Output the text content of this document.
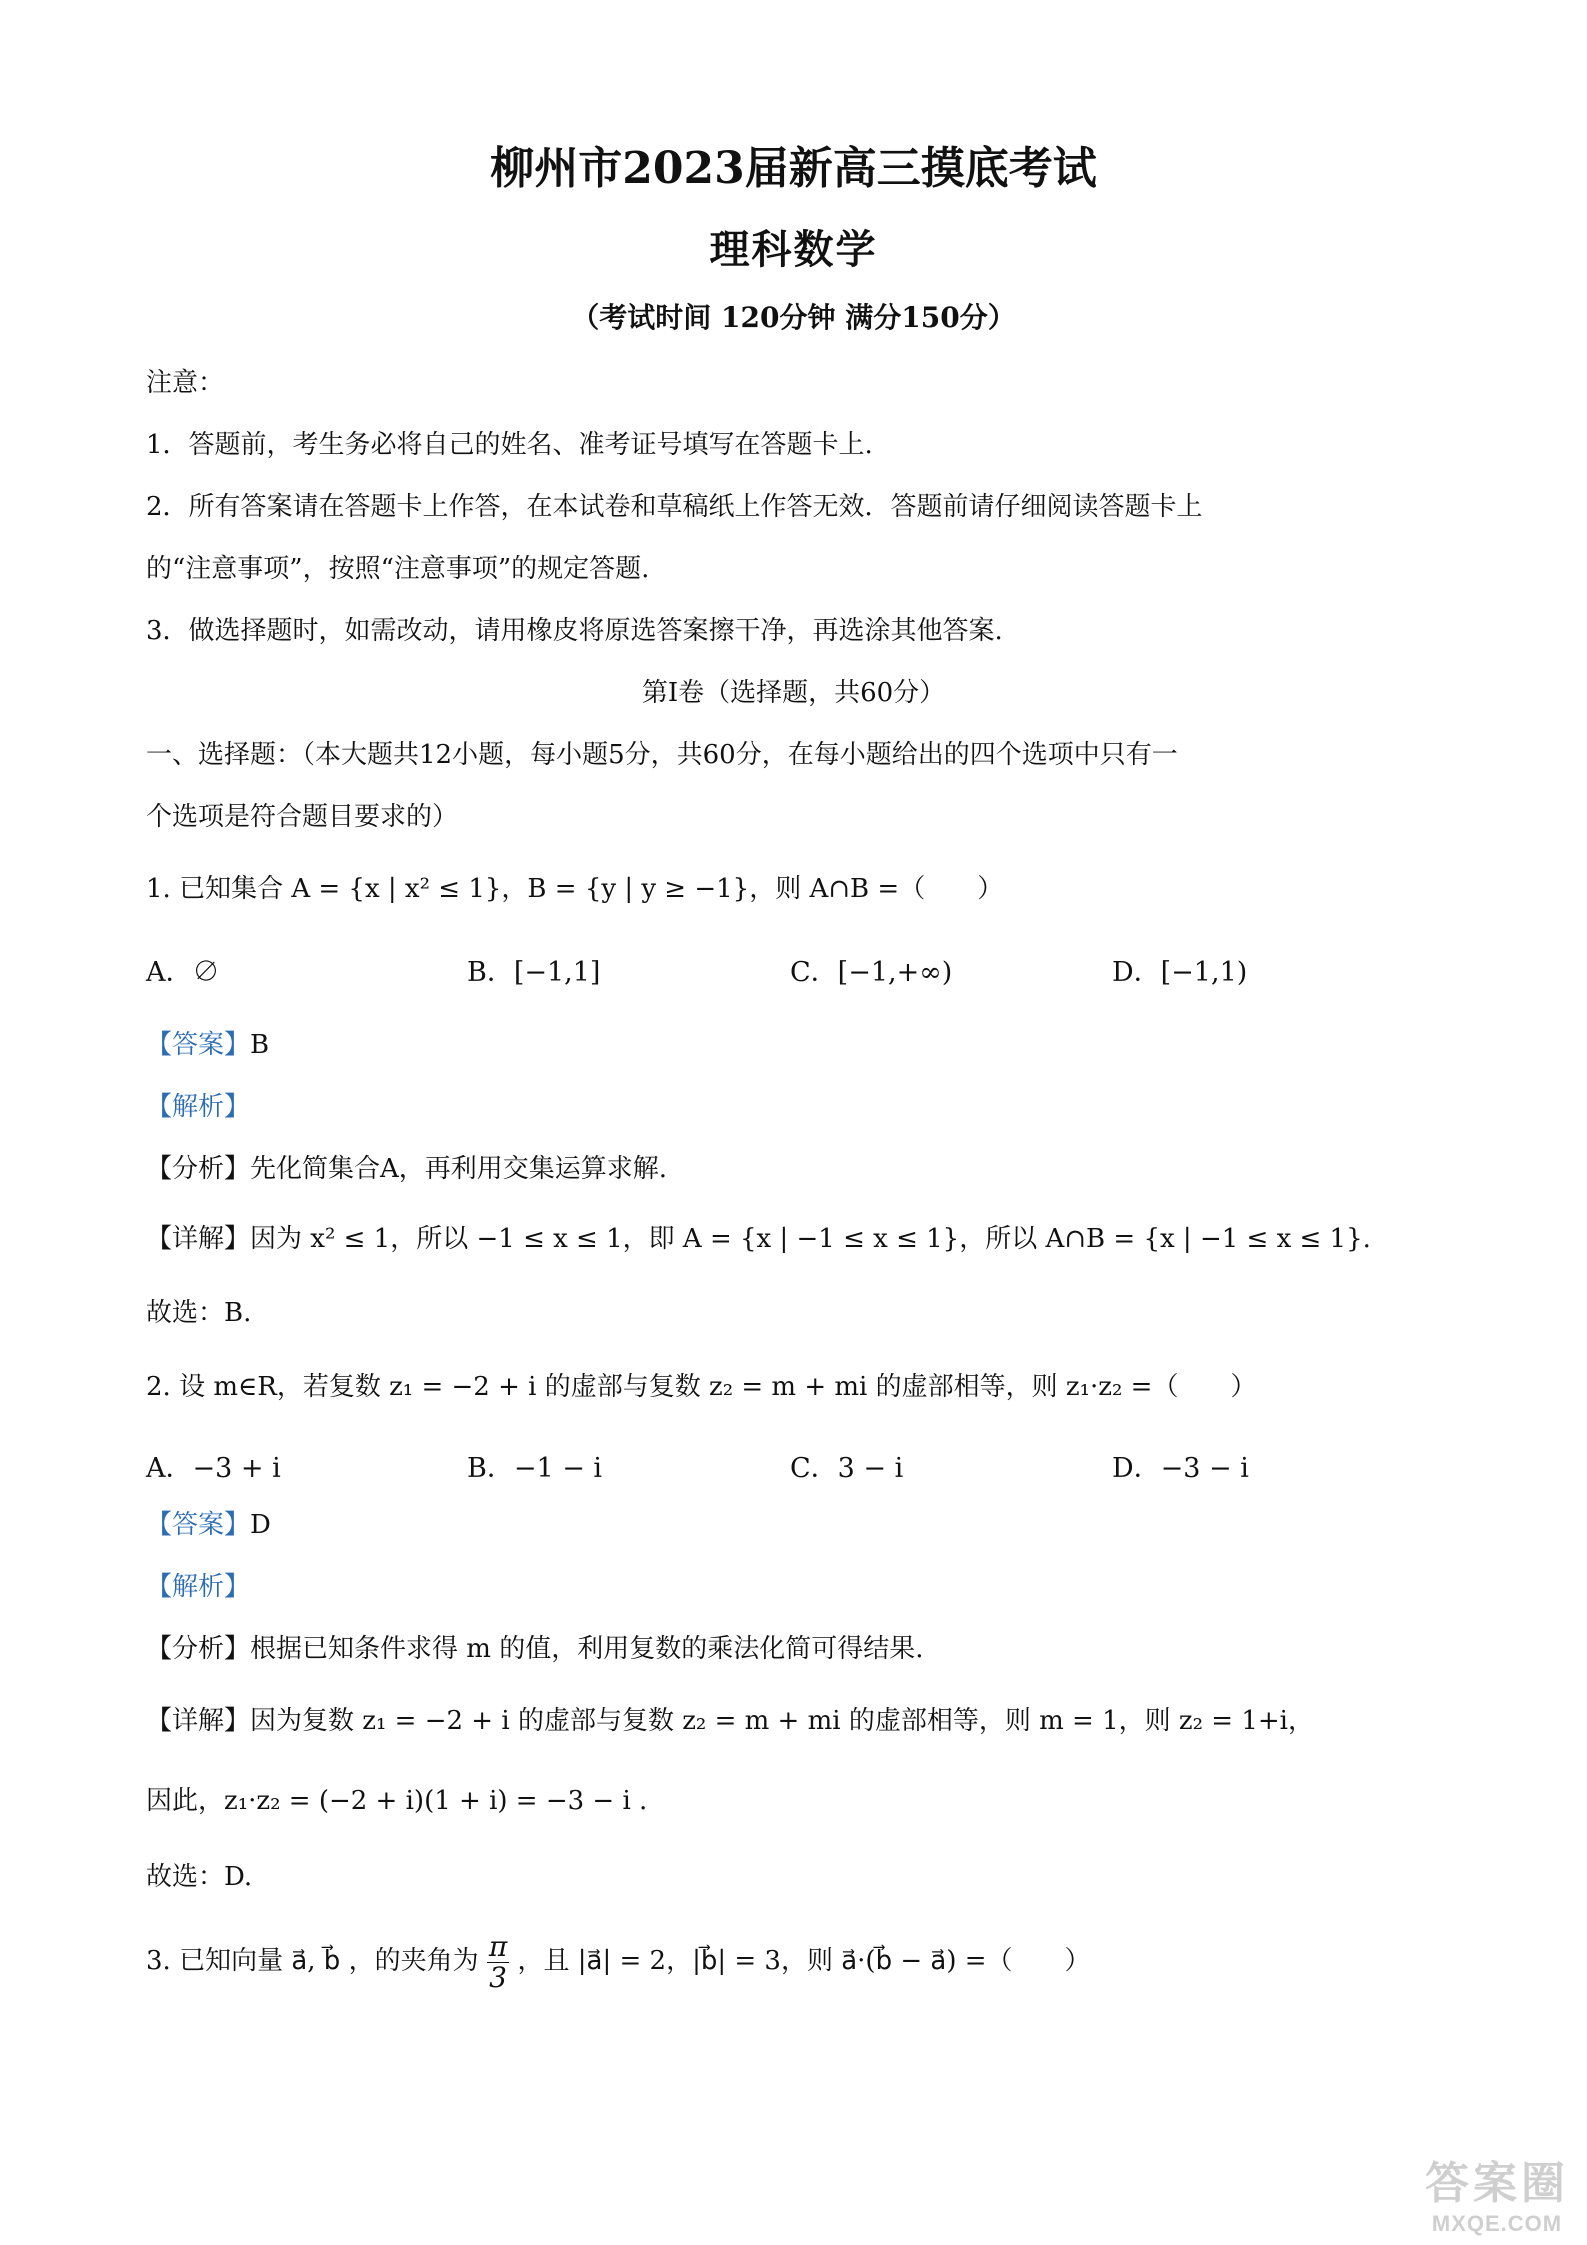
柳州市2023届新高三摸底考试
理科数学
（考试时间 120分钟 满分150分）
注意：
1．答题前，考生务必将自己的姓名、准考证号填写在答题卡上.
2．所有答案请在答题卡上作答，在本试卷和草稿纸上作答无效．答题前请仔细阅读答题卡上
的“注意事项”，按照“注意事项”的规定答题.
3．做选择题时，如需改动，请用橡皮将原选答案擦干净，再选涂其他答案.
第I卷（选择题，共60分）
一、选择题：（本大题共12小题，每小题5分，共60分，在每小题给出的四个选项中只有一
个选项是符合题目要求的）
1. 已知集合 A = {x | x² ≤ 1}，B = {y | y ≥ −1}，则 A∩B =（　　）
A．∅	B．[−1,1]	C．[−1,+∞)	D．[−1,1)
【答案】B
【解析】
【分析】先化简集合A，再利用交集运算求解.
【详解】因为 x² ≤ 1，所以 −1 ≤ x ≤ 1，即 A = {x | −1 ≤ x ≤ 1}，所以 A∩B = {x | −1 ≤ x ≤ 1}.
故选：B.
2. 设 m∈R，若复数 z₁ = −2 + i 的虚部与复数 z₂ = m + mi 的虚部相等，则 z₁·z₂ =（　　）
A．−3 + i	B．−1 − i	C．3 − i	D．−3 − i
【答案】D
【解析】
【分析】根据已知条件求得 m 的值，利用复数的乘法化简可得结果.
【详解】因为复数 z₁ = −2 + i 的虚部与复数 z₂ = m + mi 的虚部相等，则 m = 1，则 z₂ = 1+i，
因此，z₁·z₂ = (−2 + i)(1 + i) = −3 − i .
故选：D.
3. 已知向量 a⃗, b⃗ ，的夹角为 $\frac{\pi}{3}$ ，且 |a⃗| = 2，|b⃗| = 3，则 a⃗·(b⃗ − a⃗) =（　　）
答案圈
MXQE.COM
